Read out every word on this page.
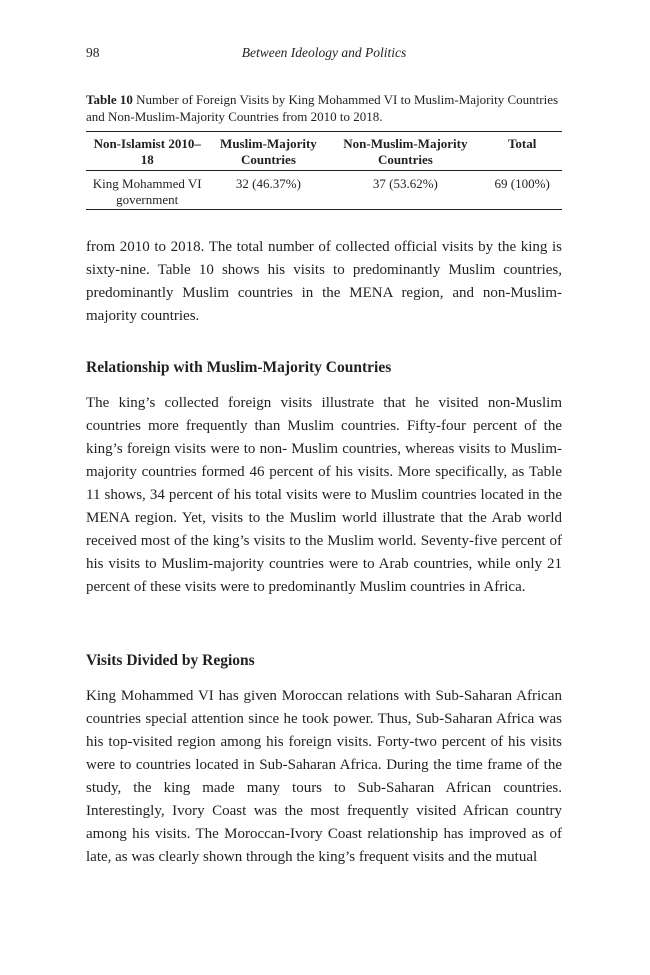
98	Between Ideology and Politics

Table 10 Number of Foreign Visits by King Mohammed VI to Muslim-Majority Countries and Non-Muslim-Majority Countries from 2010 to 2018.

Non-Islamist 2010–18	Muslim-Majority Countries	Non-Muslim-Majority Countries	Total
King Mohammed VI government	32 (46.37%)	37 (53.62%)	69 (100%)

from 2010 to 2018. The total number of collected official visits by the king is sixty-nine. Table 10 shows his visits to predominantly Muslim countries, predominantly Muslim countries in the MENA region, and non-Muslim-majority countries.

Relationship with Muslim-Majority Countries

The king’s collected foreign visits illustrate that he visited non-Muslim countries more frequently than Muslim countries. Fifty-four percent of the king’s foreign visits were to non- Muslim countries, whereas visits to Muslim-majority countries formed 46 percent of his visits. More specifically, as Table 11 shows, 34 percent of his total visits were to Muslim countries located in the MENA region. Yet, visits to the Muslim world illustrate that the Arab world received most of the king’s visits to the Muslim world. Seventy-five percent of his visits to Muslim-majority countries were to Arab countries, while only 21 percent of these visits were to predominantly Muslim countries in Africa.

Visits Divided by Regions

King Mohammed VI has given Moroccan relations with Sub-Saharan African countries special attention since he took power. Thus, Sub-Saharan Africa was his top-visited region among his foreign visits. Forty-two percent of his visits were to countries located in Sub-Saharan Africa. During the time frame of the study, the king made many tours to Sub-Saharan African countries. Interestingly, Ivory Coast was the most frequently visited African country among his visits. The Moroccan-Ivory Coast relationship has improved as of late, as was clearly shown through the king’s frequent visits and the mutual
